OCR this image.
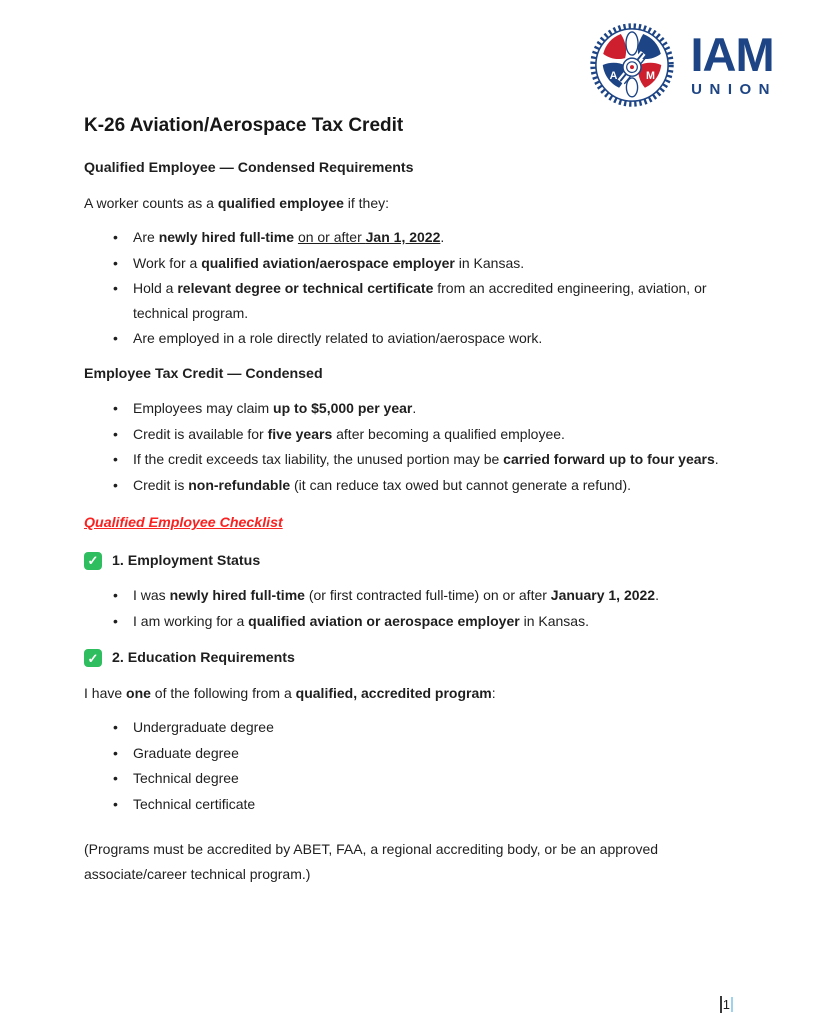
A M IAM
UNION
K-26 Aviation/Aerospace Tax Credit
Qualified Employee — Condensed Requirements

A worker counts as a qualified employee if they:

•
Are newly hired full-time on or after Jan 1, 2022.
•
Work for a qualified aviation/aerospace employer in Kansas.
•
Hold a relevant degree or technical certificate from an accredited engineering, aviation, or technical program.
•
Are employed in a role directly related to aviation/aerospace work.
Employee Tax Credit — Condensed
•
Employees may claim up to $5,000 per year.
•
Credit is available for five years after becoming a qualified employee.
•
If the credit exceeds tax liability, the unused portion may be carried forward up to four years.
•
Credit is non-refundable (it can reduce tax owed but cannot generate a refund).
Qualified Employee Checklist
✓ 1. Employment Status
•
I was newly hired full-time (or first contracted full-time) on or after January 1, 2022.
•
I am working for a qualified aviation or aerospace employer in Kansas.
✓ 2. Education Requirements

I have one of the following from a qualified, accredited program:

•
Undergraduate degree
•
Graduate degree
•
Technical degree
•
Technical certificate

(Programs must be accredited by ABET, FAA, a regional accrediting body, or be an approved associate/career technical program.)

1
